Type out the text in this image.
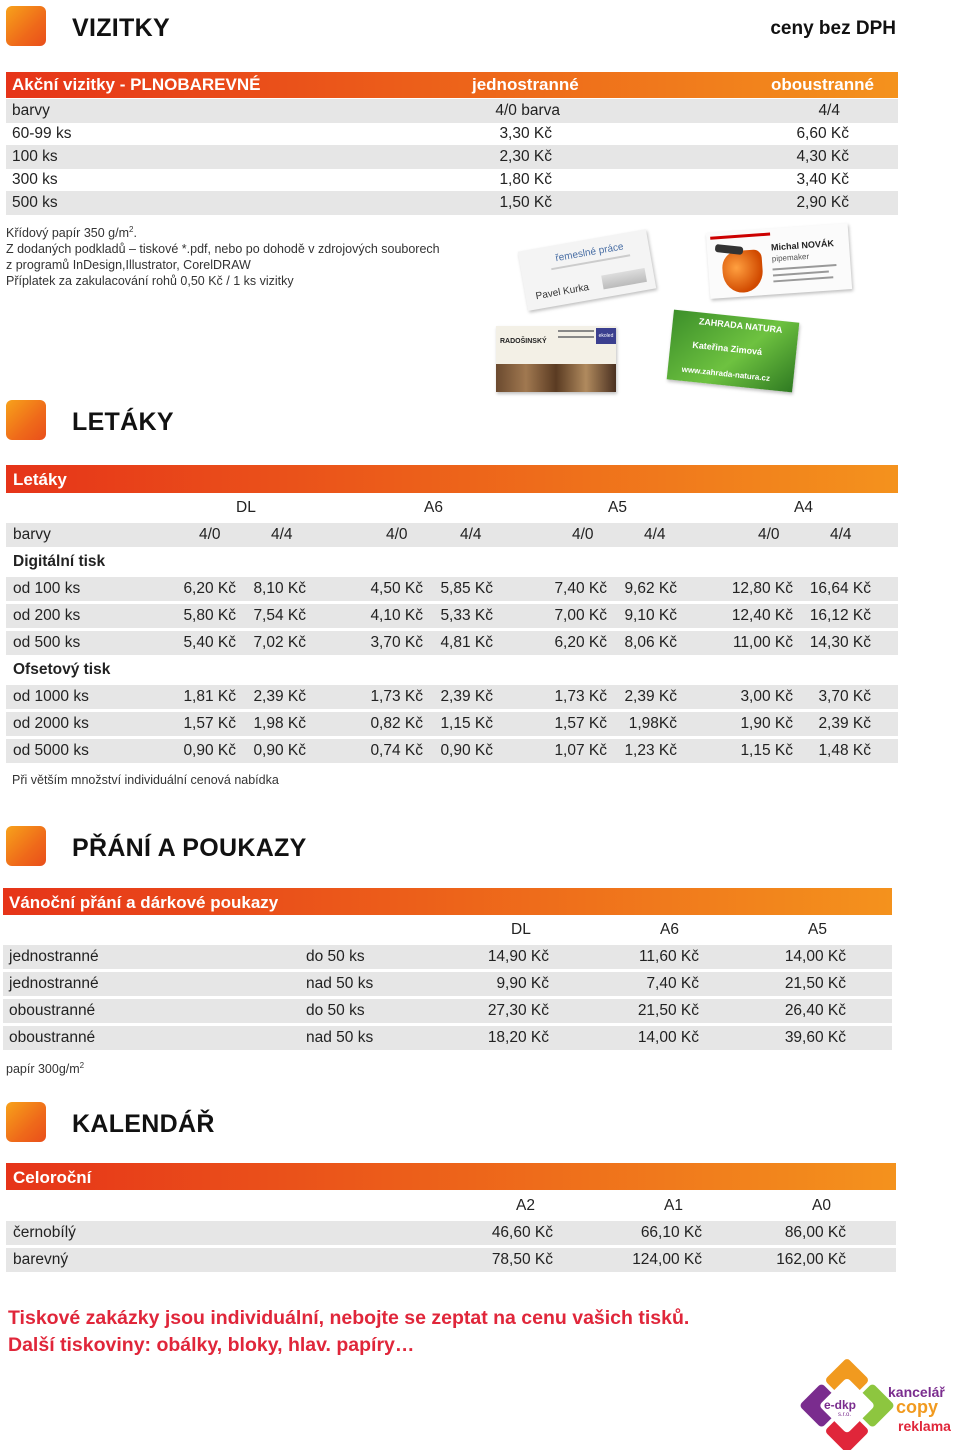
VIZITKY	ceny bez DPH
Akční vizitky - PLNOBAREVNÉ	jednostranné	oboustranné
barvy	4/0 barva	4/4
60-99 ks	3,30 Kč	6,60 Kč
100 ks	2,30 Kč	4,30 Kč
300 ks	1,80 Kč	3,40 Kč
500 ks	1,50 Kč	2,90 Kč
Křídový papír 350 $g/m^2$.
Z dodaných podkladů – tiskové *.pdf, nebo po dohodě v zdrojových souborech
z programů InDesign,Illustrator, CorelDRAW
Příplatek za zakulacování rohů 0,50 Kč / 1 ks vizitky
řemeslné práce
Pavel Kurka
Michal NOVÁK
pipemaker
RADOŠINSKÝ
ekoled
ZAHRADA NATURA
Kateřina Zimová
www.zahrada-natura.cz
LETÁKY
Letáky
DL	A6	A5	A4
barvy	4/0	4/4	4/0	4/4	4/0	4/4	4/0	4/4
Digitální tisk
od 100 ks	6,20 Kč 8,10 Kč	4,50 Kč 5,85 Kč	7,40 Kč 9,62 Kč	12,80 Kč 16,64 Kč
od 200 ks	5,80 Kč 7,54 Kč	4,10 Kč 5,33 Kč	7,00 Kč 9,10 Kč	12,40 Kč 16,12 Kč
od 500 ks	5,40 Kč 7,02 Kč	3,70 Kč 4,81 Kč	6,20 Kč 8,06 Kč	11,00 Kč 14,30 Kč
Ofsetový tisk
od 1000 ks	1,81 Kč 2,39 Kč	1,73 Kč 2,39 Kč	1,73 Kč 2,39 Kč	3,00 Kč 3,70 Kč
od 2000 ks	1,57 Kč 1,98 Kč	0,82 Kč 1,15 Kč	1,57 Kč 1,98Kč	1,90 Kč 2,39 Kč
od 5000 ks	0,90 Kč 0,90 Kč	0,74 Kč 0,90 Kč	1,07 Kč 1,23 Kč	1,15 Kč 1,48 Kč
Při větším množství individuální cenová nabídka
PŘÁNÍ A POUKAZY
Vánoční přání a dárkové poukazy
DL	A6	A5
jednostranné	do 50 ks	14,90 Kč	11,60 Kč	14,00 Kč
jednostranné	nad 50 ks	9,90 Kč	7,40 Kč	21,50 Kč
oboustranné	do 50 ks	27,30 Kč	21,50 Kč	26,40 Kč
oboustranné	nad 50 ks	18,20 Kč	14,00 Kč	39,60 Kč
papír $300g/m^2$
KALENDÁŘ
Celoroční
A2	A1	A0
černobílý	46,60 Kč	66,10 Kč	86,00 Kč
barevný	78,50 Kč	124,00 Kč	162,00 Kč
Tiskové zakázky jsou individuální, nebojte se zeptat na cenu vašich tisků.
Další tiskoviny: obálky, bloky, hlav. papíry…
e-dkp
s.r.o.
kancelář
copy
reklama
